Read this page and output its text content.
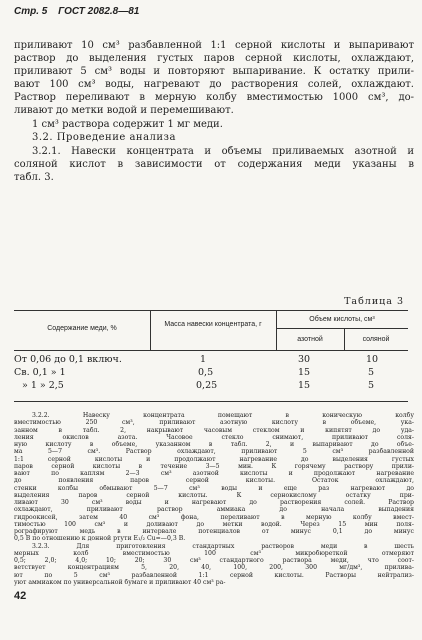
Стр. 5 ГОСТ 2082.8—81
приливают 10 см³ разбавленной 1:1 серной кислоты и выпаривают
раствор до выделения густых паров серной кислоты, охлаждают,
приливают 5 см³ воды и повторяют выпаривание. К остатку прили-
вают 100 см³ воды, нагревают до растворения солей, охлаждают.
Раствор переливают в мерную колбу вместимостью 1000 см³, до-
ливают до метки водой и перемешивают.
1 см³ раствора содержит 1 мг меди.
3.2. Проведение анализа
3.2.1. Навески концентрата и объемы приливаемых азотной и
соляной кислот в зависимости от содержания меди указаны в
табл. 3.
Таблица 3
Содержание меди, %
Масса навески концентрата, г
Объем кислоты, см³
азотной	соляной
От 0,06 до 0,1 включ.	1	30	10
Св. 0,1 » 1	0,5	15	5
» 1 » 2,5	0,25	15	5
3.2.2. Навеску концентрата помещают в коническую колбу
вместимостью 250 см³, приливают азотную кислоту в объеме, ука-
занном в табл. 2, накрывают часовым стеклом и кипятят до уда-
ления окислов азота. Часовое стекло снимают, приливают соля-
ную кислоту в объеме, указанном в табл. 2, и выпаривают до объе-
ма 5—7 см³. Раствор охлаждают, приливают 5 см³ разбавленной
1:1 серной кислоты и продолжают нагревание до выделения густых
паров серной кислоты в течение 3—5 мин. К горячему раствору прили-
вают по каплям 2—3 см³ азотной кислоты и продолжают нагревание
до появления паров серной кислоты. Остаток охлаждают,
стенки колбы обмывают 5—7 см³ воды и еще раз нагревают до
выделения паров серной кислоты. К сернокислому остатку при-
ливают 30 см³ воды и нагревают до растворения солей. Раствор
охлаждают, приливают раствор аммиака до начала выпадения
гидроокисей, затем 40 см³ фона, переливают в мерную колбу вмест-
тимостью 100 см³ и доливают до метки водой. Через 15 мин поля-
рографируют медь в интервале потенциалов от минус 0,1 до минус
0,5 В по отношению к донной ртути E₁/₂ Cu=—0,3 В.
3.2.3. Для приготовления стандартных растворов меди в шесть
мерных колб вместимостью 100 см³ микробюреткой отмеряют
0,5; 2,0; 4,0; 10; 20; 30 см³ стандартного раствора меди, что соот-
ветствует концентрациям 5, 20, 40, 100, 200, 300 мг/дм³, прилива-
ют по 5 см³ разбавленной 1:1 серной кислоты. Растворы нейтрализ-
уют аммиаком по универсальной бумаге и приливают 40 см³ ра-
42
